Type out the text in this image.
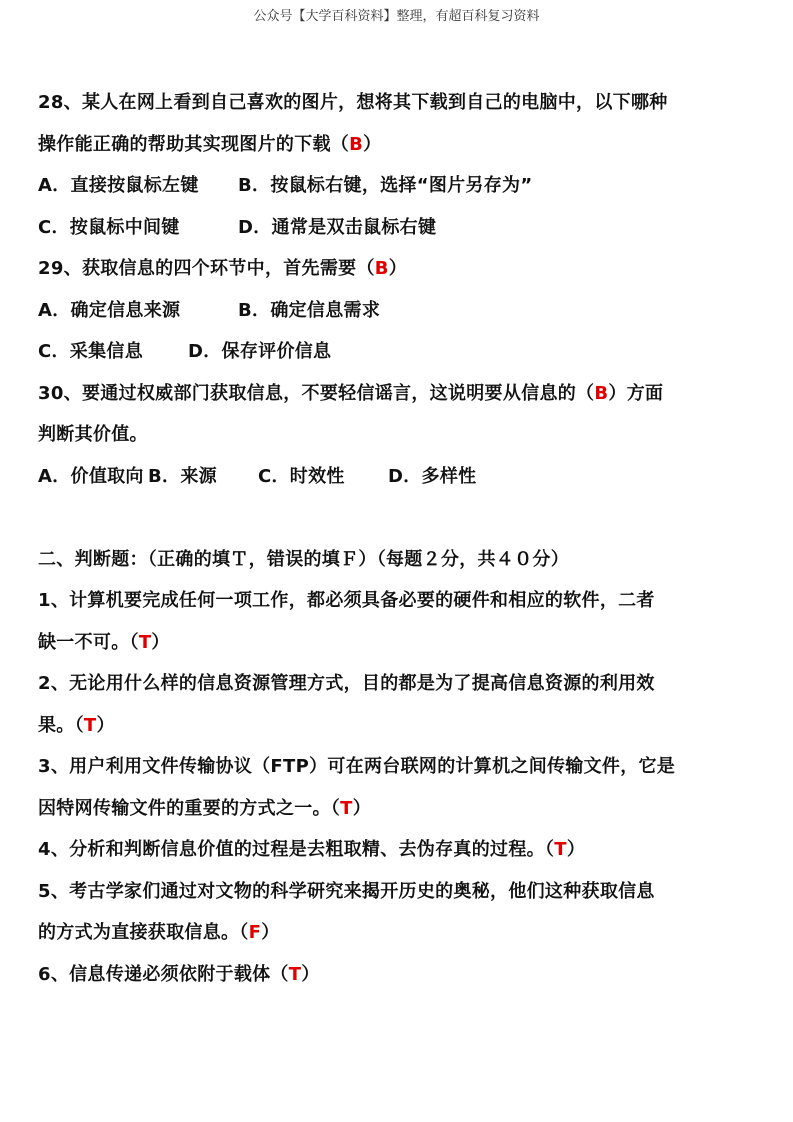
公众号【大学百科资料】整理，有超百科复习资料
28、某人在网上看到自己喜欢的图片，想将其下载到自己的电脑中，以下哪种
操作能正确的帮助其实现图片的下载（B）
A．直接按鼠标左键 B．按鼠标右键，选择“图片另存为”
C．按鼠标中间键	D．通常是双击鼠标右键
29、获取信息的四个环节中，首先需要（B）
A．确定信息来源	B．确定信息需求
C．采集信息 D．保存评价信息
30、要通过权威部门获取信息，不要轻信谣言，这说明要从信息的（B）方面
判断其价值。
A．价值取向 B．来源 C．时效性 D．多样性
二、判断题：（正确的填Ｔ，错误的填Ｆ）（每题２分，共４０分）
1、计算机要完成任何一项工作，都必须具备必要的硬件和相应的软件，二者
缺一不可。（T）
2、无论用什么样的信息资源管理方式，目的都是为了提高信息资源的利用效
果。（T）
3、用户利用文件传输协议（FTP）可在两台联网的计算机之间传输文件，它是
因特网传输文件的重要的方式之一。（T）
4、分析和判断信息价值的过程是去粗取精、去伪存真的过程。（T）
5、考古学家们通过对文物的科学研究来揭开历史的奥秘，他们这种获取信息
的方式为直接获取信息。（F）
6、信息传递必须依附于载体（T）
